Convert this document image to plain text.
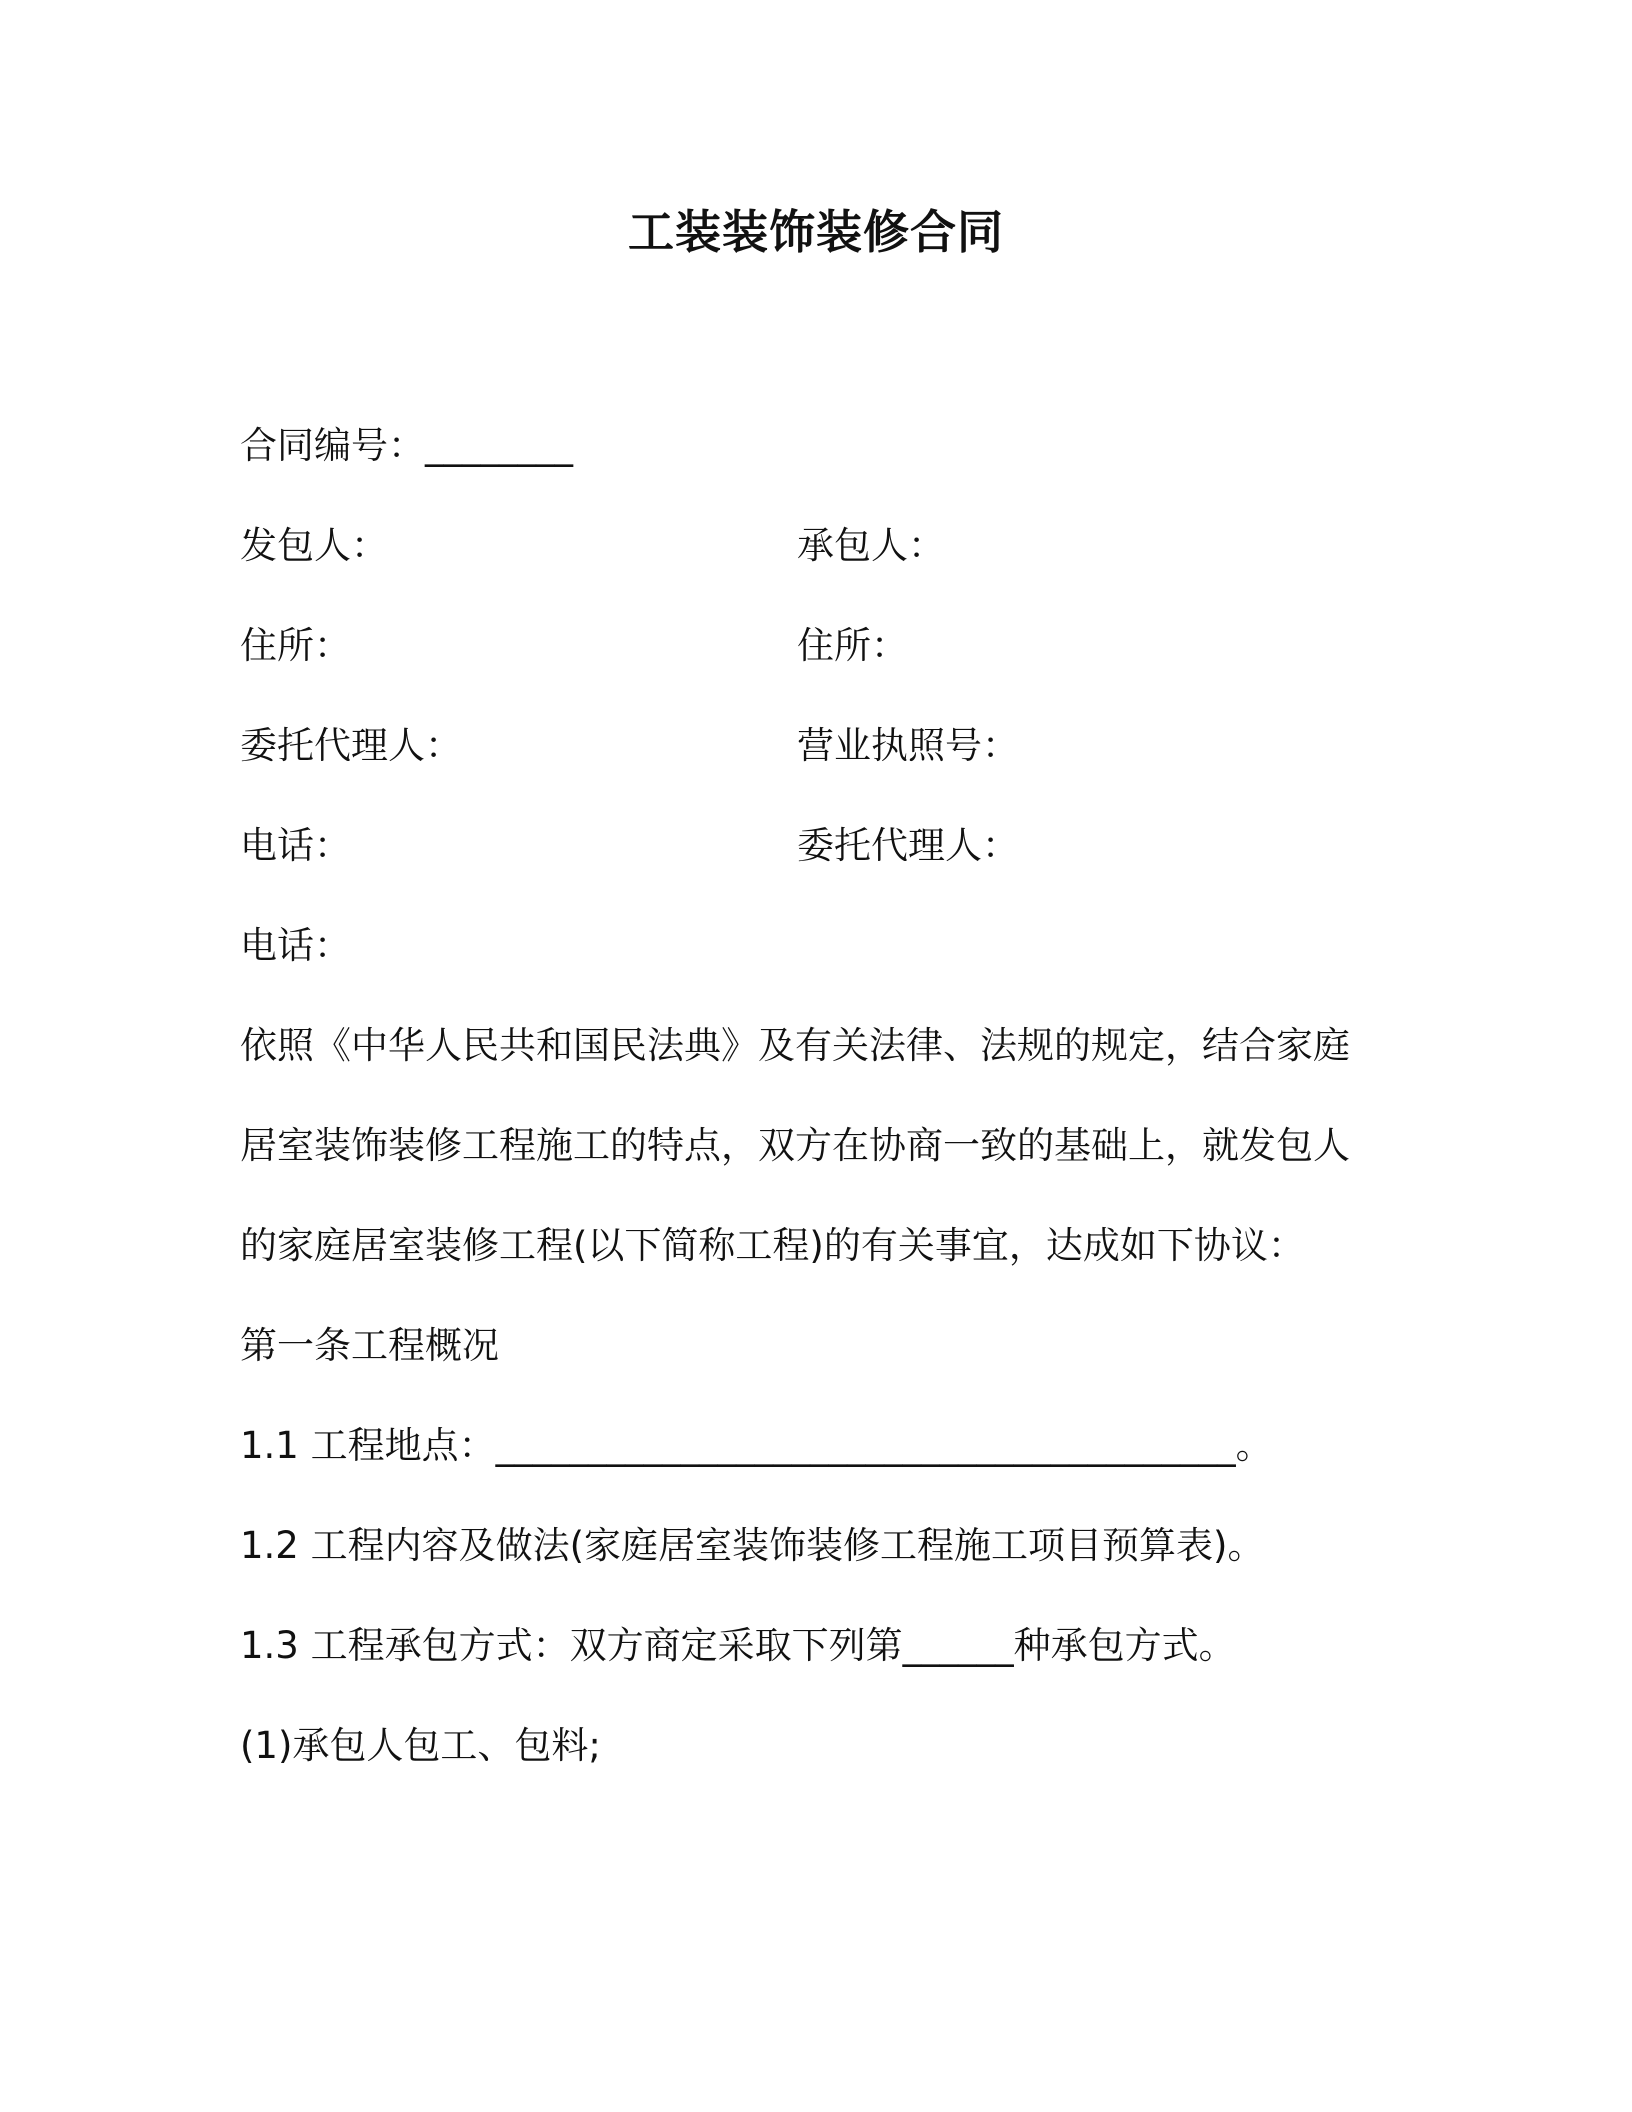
工装装饰装修合同
合同编号：________
发包人：	承包人：
住所：	住所：
委托代理人：	营业执照号：
电话：	委托代理人：
电话：
依照《中华人民共和国民法典》及有关法律、法规的规定，结合家庭
居室装饰装修工程施工的特点，双方在协商一致的基础上，就发包人
的家庭居室装修工程(以下简称工程)的有关事宜，达成如下协议：
第一条工程概况
1.1 工程地点：________________________________________。
1.2 工程内容及做法(家庭居室装饰装修工程施工项目预算表)。
1.3 工程承包方式：双方商定采取下列第______种承包方式。
(1)承包人包工、包料;
